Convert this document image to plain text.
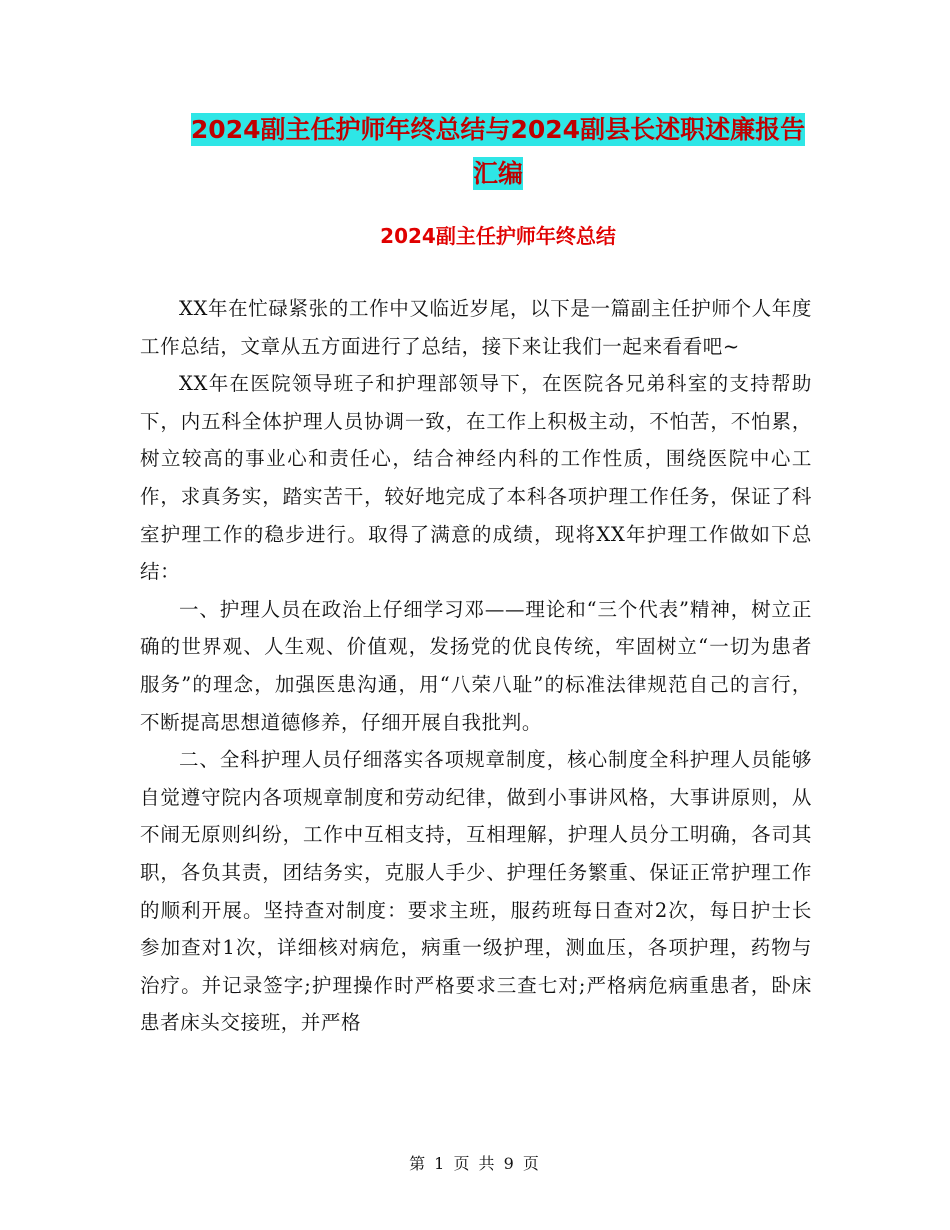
2024副主任护师年终总结与2024副县长述职述廉报告
汇编
2024副主任护师年终总结

XX年在忙碌紧张的工作中又临近岁尾，以下是一篇副主任护师个人年度工作总结，文章从五方面进行了总结，接下来让我们一起来看看吧~

XX年在医院领导班子和护理部领导下，在医院各兄弟科室的支持帮助下，内五科全体护理人员协调一致，在工作上积极主动，不怕苦，不怕累，树立较高的事业心和责任心，结合神经内科的工作性质，围绕医院中心工作，求真务实，踏实苦干，较好地完成了本科各项护理工作任务，保证了科室护理工作的稳步进行。取得了满意的成绩，现将XX年护理工作做如下总结：

一、护理人员在政治上仔细学习邓——理论和“三个代表”精神，树立正确的世界观、人生观、价值观，发扬党的优良传统，牢固树立“一切为患者服务”的理念，加强医患沟通，用“八荣八耻”的标准法律规范自己的言行，不断提高思想道德修养，仔细开展自我批判。

二、全科护理人员仔细落实各项规章制度，核心制度全科护理人员能够自觉遵守院内各项规章制度和劳动纪律，做到小事讲风格，大事讲原则，从不闹无原则纠纷，工作中互相支持，互相理解，护理人员分工明确，各司其职，各负其责，团结务实，克服人手少、护理任务繁重、保证正常护理工作的顺利开展。坚持查对制度：要求主班，服药班每日查对2次，每日护士长参加查对1次，详细核对病危，病重一级护理，测血压，各项护理，药物与治疗。并记录签字;护理操作时严格要求三查七对;严格病危病重患者，卧床患者床头交接班，并严格

第 1 页 共 9 页
